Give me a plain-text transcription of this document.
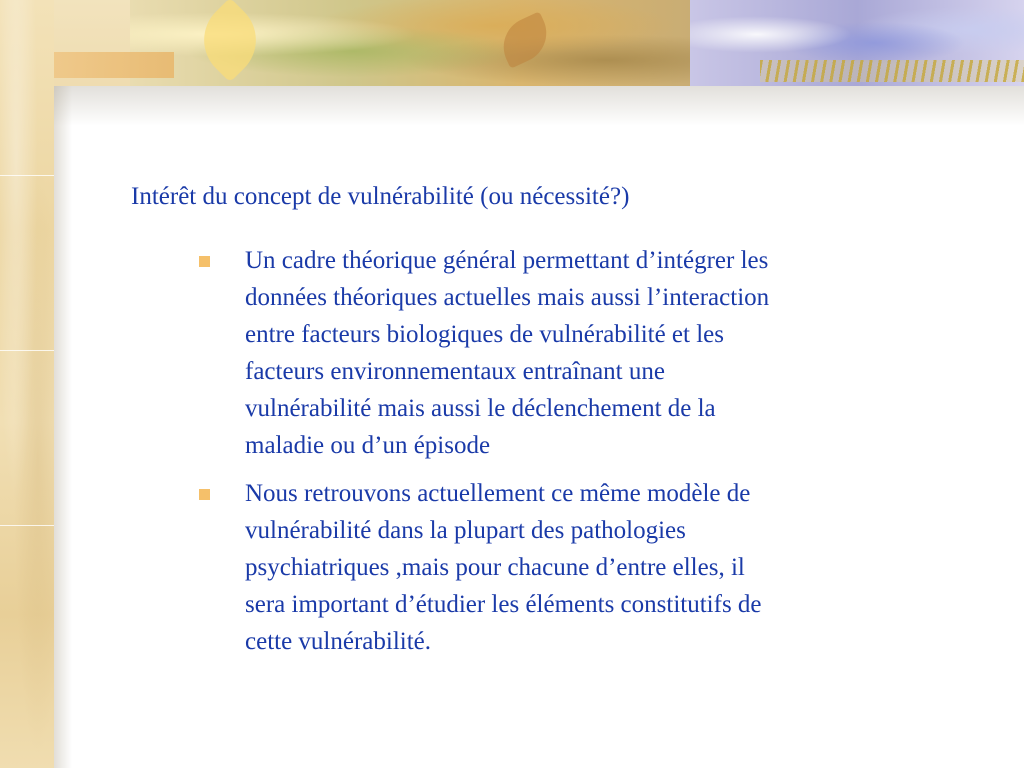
Intérêt du concept de vulnérabilité (ou nécessité?)
Un cadre théorique général permettant d’intégrer les
données théoriques actuelles mais aussi l’interaction
entre facteurs biologiques de vulnérabilité et les
facteurs environnementaux entraînant une
vulnérabilité mais aussi le déclenchement de la
maladie ou d’un épisode
Nous retrouvons actuellement ce même modèle de
vulnérabilité dans la plupart des pathologies
psychiatriques ,mais pour chacune d’entre elles, il
sera important d’étudier les éléments constitutifs de
cette vulnérabilité.
